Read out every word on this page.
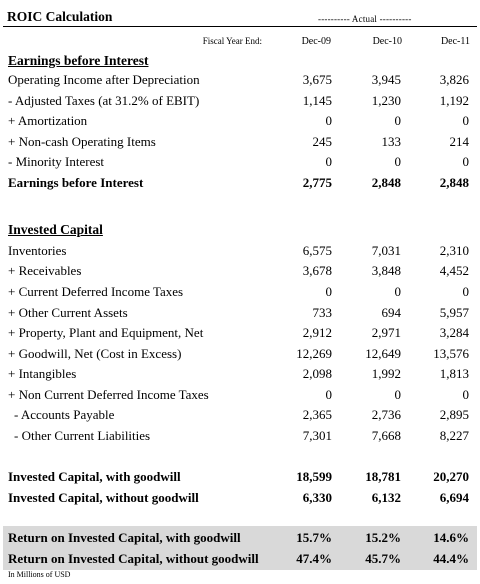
ROIC Calculation	---------- Actual ----------
Fiscal Year End:	Dec-09	Dec-10	Dec-11
Earnings before Interest
Operating Income after Depreciation	3,675	3,945	3,826
- Adjusted Taxes (at 31.2% of EBIT)	1,145	1,230	1,192
+ Amortization	0	0	0
+ Non-cash Operating Items	245	133	214
- Minority Interest	0	0	0
Earnings before Interest	2,775	2,848	2,848
Invested Capital
Inventories	6,575	7,031	2,310
+ Receivables	3,678	3,848	4,452
+ Current Deferred Income Taxes	0	0	0
+ Other Current Assets	733	694	5,957
+ Property, Plant and Equipment, Net	2,912	2,971	3,284
+ Goodwill, Net (Cost in Excess)	12,269	12,649	13,576
+ Intangibles	2,098	1,992	1,813
+ Non Current Deferred Income Taxes	0	0	0
- Accounts Payable	2,365	2,736	2,895
- Other Current Liabilities	7,301	7,668	8,227
Invested Capital, with goodwill	18,599	18,781	20,270
Invested Capital, without goodwill	6,330	6,132	6,694
Return on Invested Capital, with goodwill	15.7%	15.2%	14.6%
Return on Invested Capital, without goodwill	47.4%	45.7%	44.4%
In Millions of USD
